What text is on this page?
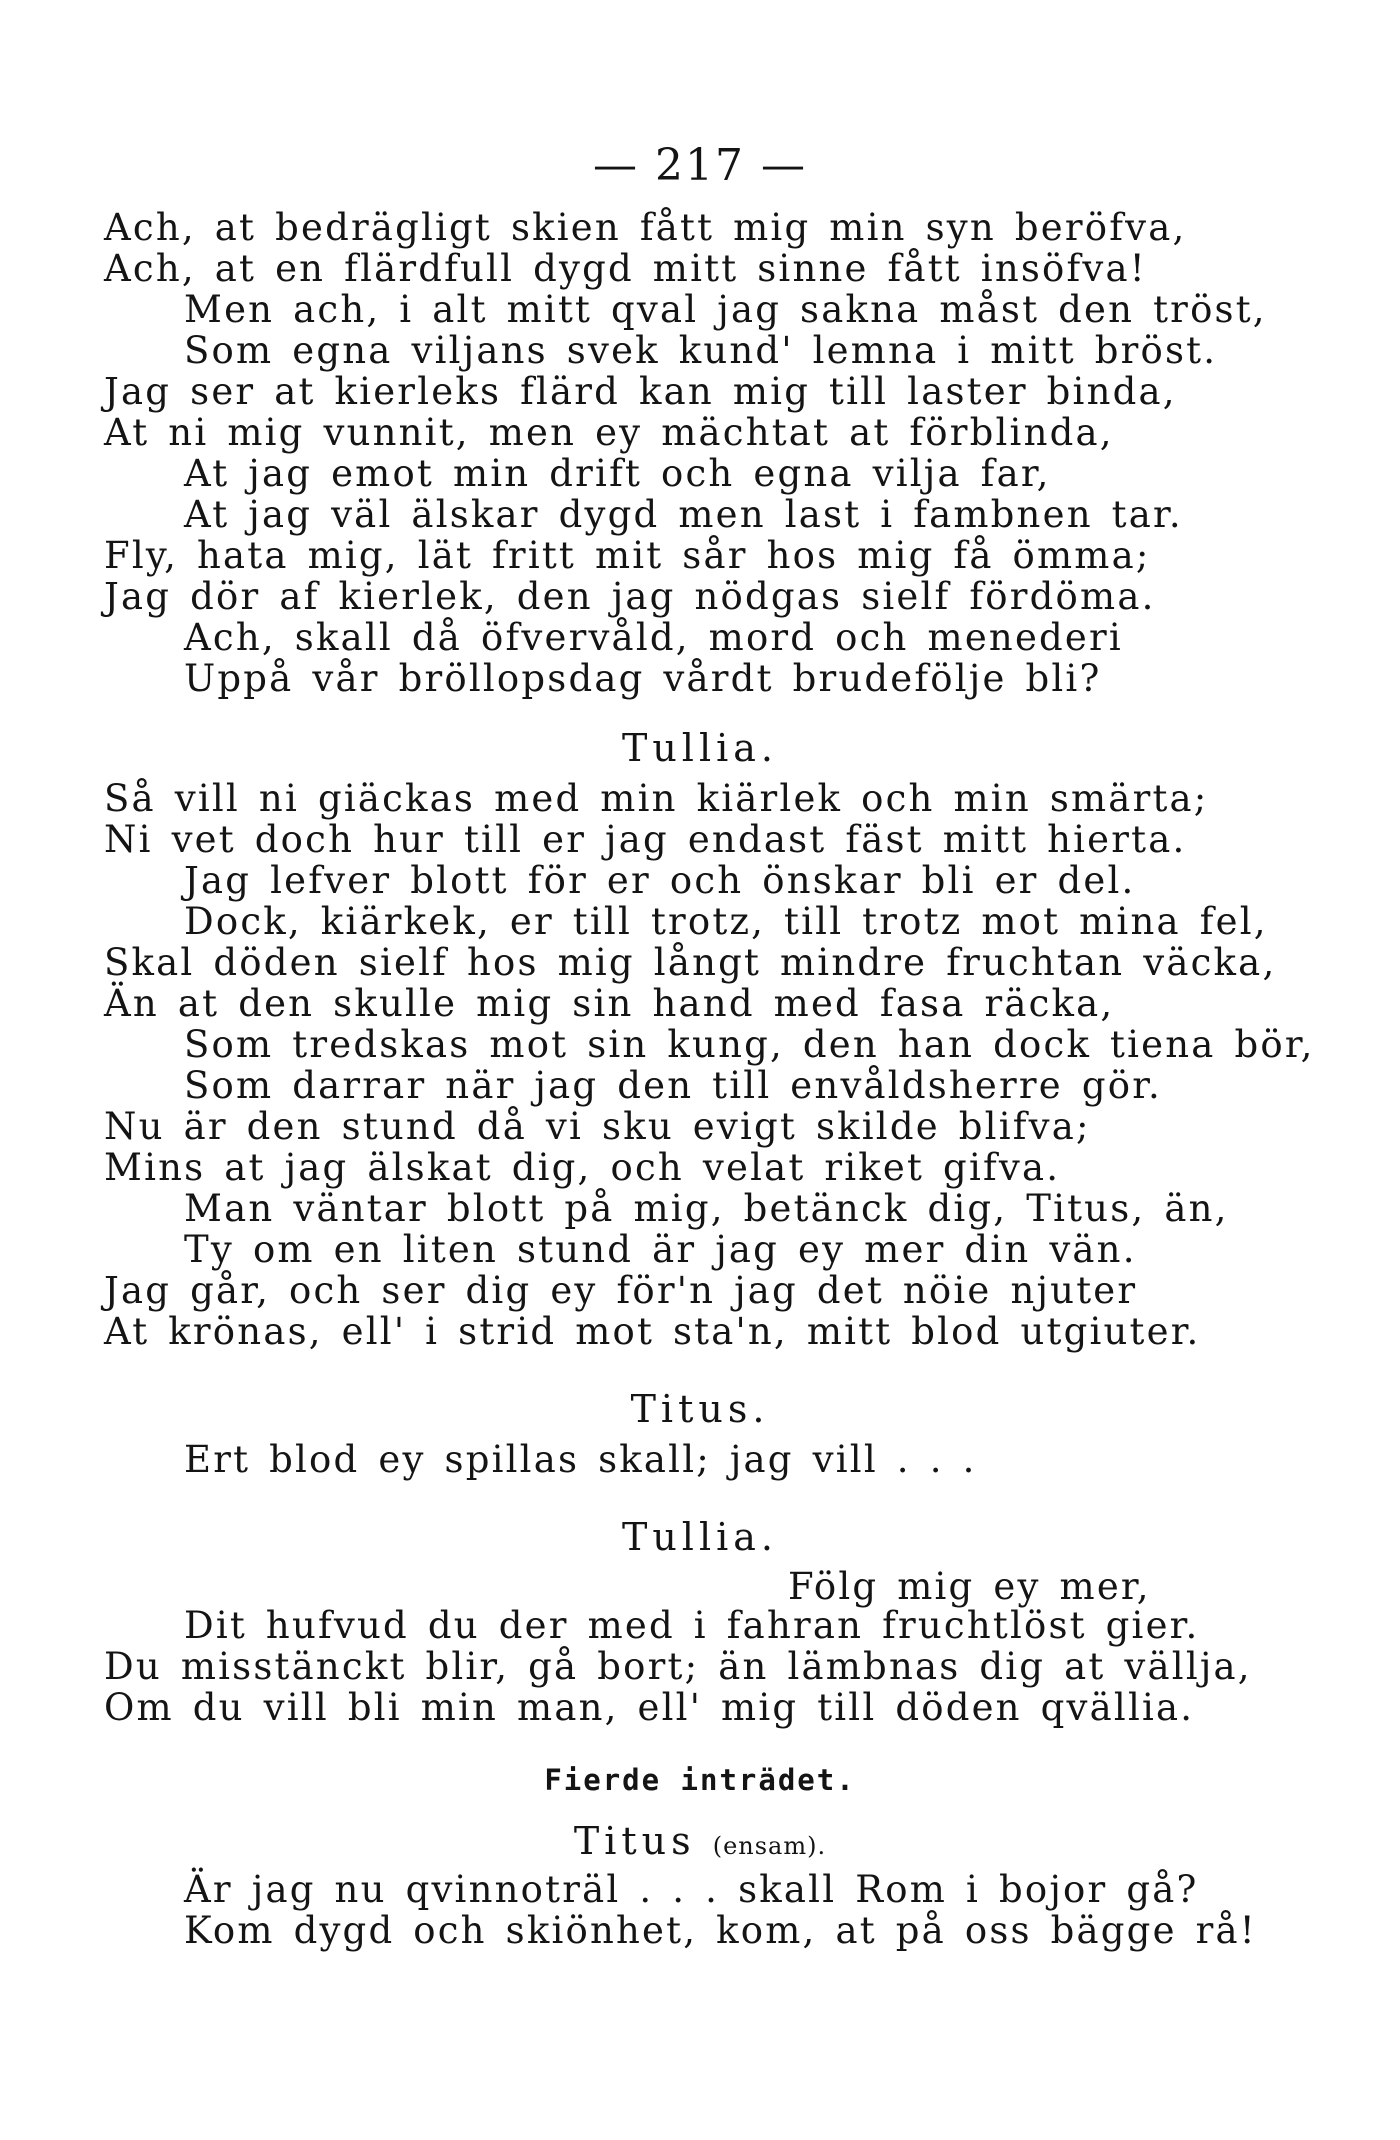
— 217 —
Ach, at bedrägligt skien fått mig min syn beröfva,
Ach, at en flärdfull dygd mitt sinne fått insöfva!
Men ach, i alt mitt qval jag sakna måst den tröst,
Som egna viljans svek kund' lemna i mitt bröst.
Jag ser at kierleks flärd kan mig till laster binda,
At ni mig vunnit, men ey mächtat at förblinda,
At jag emot min drift och egna vilja far,
At jag väl älskar dygd men last i fambnen tar.
Fly, hata mig, lät fritt mit sår hos mig få ömma;
Jag dör af kierlek, den jag nödgas sielf fördöma.
Ach, skall då öfvervåld, mord och menederi
Uppå vår bröllopsdag vårdt brudefölje bli?
Tullia.
Så vill ni giäckas med min kiärlek och min smärta;
Ni vet doch hur till er jag endast fäst mitt hierta.
Jag lefver blott för er och önskar bli er del.
Dock, kiärkek, er till trotz, till trotz mot mina fel,
Skal döden sielf hos mig långt mindre fruchtan väcka,
Än at den skulle mig sin hand med fasa räcka,
Som tredskas mot sin kung, den han dock tiena bör,
Som darrar när jag den till envåldsherre gör.
Nu är den stund då vi sku evigt skilde blifva;
Mins at jag älskat dig, och velat riket gifva.
Man väntar blott på mig, betänck dig, Titus, än,
Ty om en liten stund är jag ey mer din vän.
Jag går, och ser dig ey för'n jag det nöie njuter
At krönas, ell' i strid mot sta'n, mitt blod utgiuter.
Titus.
Ert blod ey spillas skall; jag vill . . .
Tullia.
Fölg mig ey mer,
Dit hufvud du der med i fahran fruchtlöst gier.
Du misstänckt blir, gå bort; än lämbnas dig at vällja,
Om du vill bli min man, ell' mig till döden qvällia.
Fierde inträdet.
Titus (ensam).
Är jag nu qvinnoträl . . . skall Rom i bojor gå?
Kom dygd och skiönhet, kom, at på oss bägge rå!
